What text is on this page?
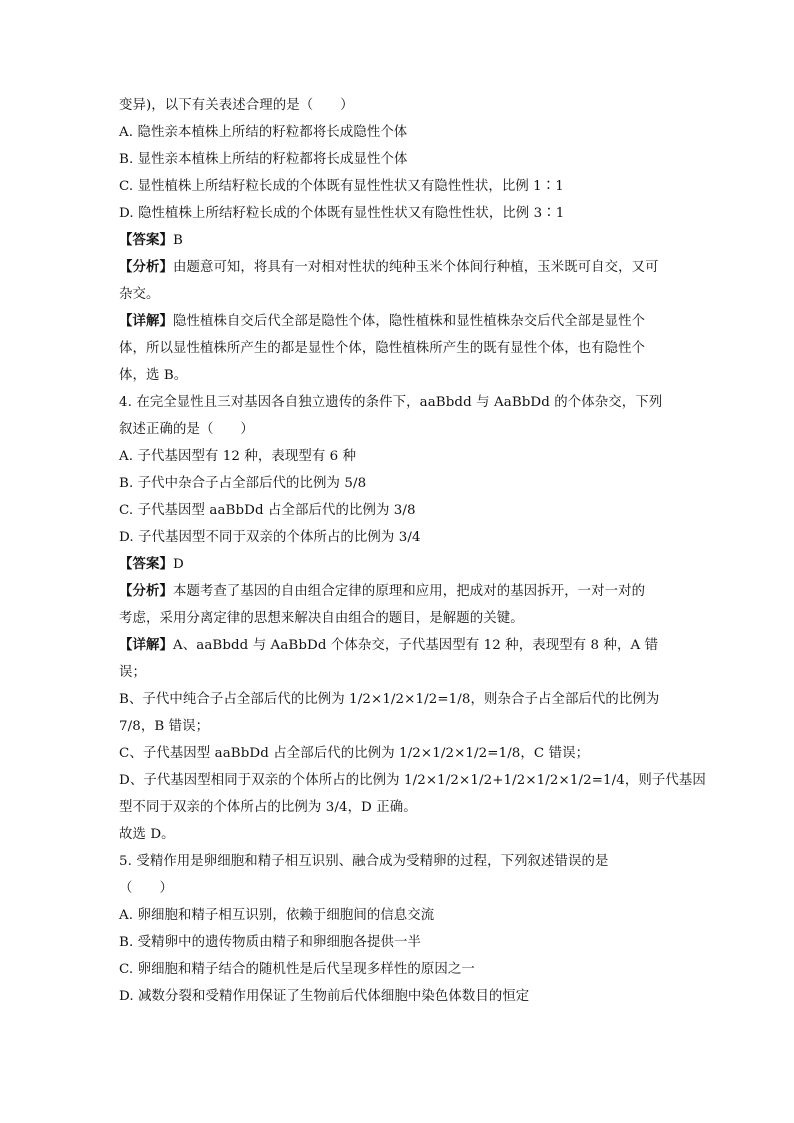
变异)，以下有关表述合理的是（　　）
A. 隐性亲本植株上所结的籽粒都将长成隐性个体
B. 显性亲本植株上所结的籽粒都将长成显性个体
C. 显性植株上所结籽粒长成的个体既有显性性状又有隐性性状，比例 1∶1
D. 隐性植株上所结籽粒长成的个体既有显性性状又有隐性性状，比例 3∶1
【答案】B
【分析】由题意可知，将具有一对相对性状的纯种玉米个体间行种植，玉米既可自交，又可
杂交。
【详解】隐性植株自交后代全部是隐性个体，隐性植株和显性植株杂交后代全部是显性个
体，所以显性植株所产生的都是显性个体，隐性植株所产生的既有显性个体，也有隐性个
体，选 B。
4. 在完全显性且三对基因各自独立遗传的条件下，aaBbdd 与 AaBbDd 的个体杂交，下列
叙述正确的是（　　）
A. 子代基因型有 12 种，表现型有 6 种
B. 子代中杂合子占全部后代的比例为 5/8
C. 子代基因型 aaBbDd 占全部后代的比例为 3/8
D. 子代基因型不同于双亲的个体所占的比例为 3/4
【答案】D
【分析】本题考查了基因的自由组合定律的原理和应用，把成对的基因拆开，一对一对的
考虑，采用分离定律的思想来解决自由组合的题目，是解题的关键。
【详解】A、aaBbdd 与 AaBbDd 个体杂交，子代基因型有 12 种，表现型有 8 种，A 错
误；
B、子代中纯合子占全部后代的比例为 1/2×1/2×1/2=1/8，则杂合子占全部后代的比例为
7/8，B 错误；
C、子代基因型 aaBbDd 占全部后代的比例为 1/2×1/2×1/2=1/8，C 错误；
D、子代基因型相同于双亲的个体所占的比例为 1/2×1/2×1/2+1/2×1/2×1/2=1/4，则子代基因
型不同于双亲的个体所占的比例为 3/4，D 正确。
故选 D。
5. 受精作用是卵细胞和精子相互识别、融合成为受精卵的过程，下列叙述错误的是
（　　）
A. 卵细胞和精子相互识别，依赖于细胞间的信息交流
B. 受精卵中的遗传物质由精子和卵细胞各提供一半
C. 卵细胞和精子结合的随机性是后代呈现多样性的原因之一
D. 减数分裂和受精作用保证了生物前后代体细胞中染色体数目的恒定
